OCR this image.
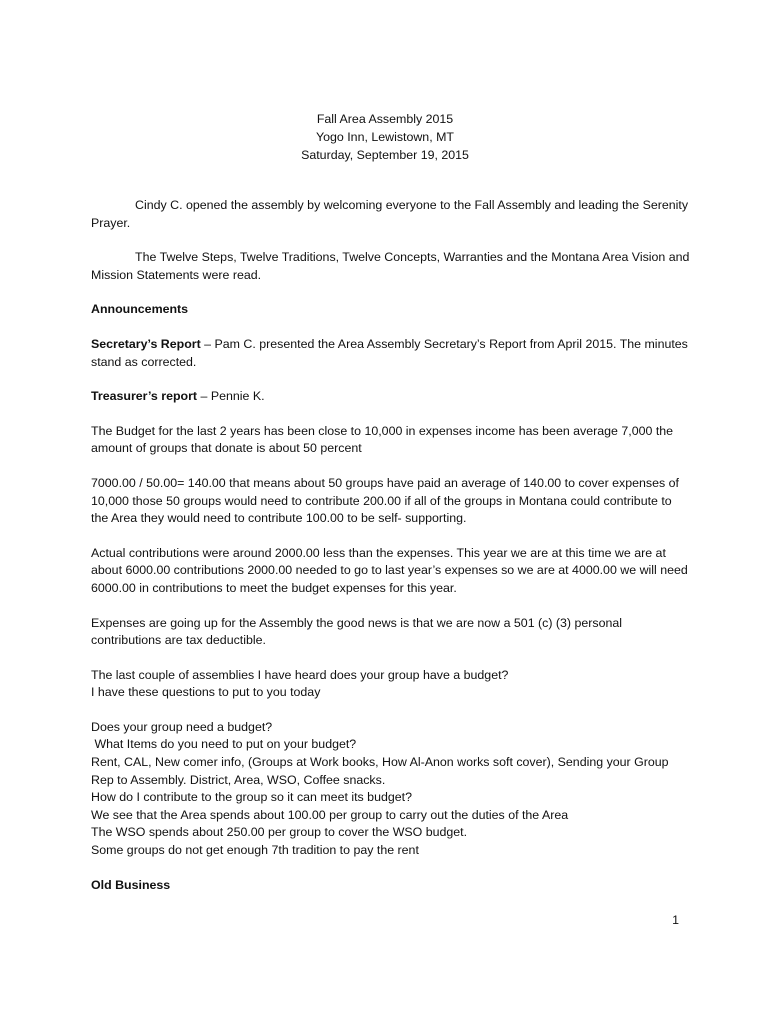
Fall Area Assembly 2015
Yogo Inn, Lewistown, MT
Saturday, September 19, 2015

Cindy C. opened the assembly by welcoming everyone to the Fall Assembly and leading the Serenity Prayer.

The Twelve Steps, Twelve Traditions, Twelve Concepts, Warranties and the Montana Area Vision and Mission Statements were read.

Announcements

Secretary’s Report – Pam C. presented the Area Assembly Secretary’s Report from April 2015. The minutes stand as corrected.

Treasurer’s report – Pennie K.

The Budget for the last 2 years has been close to 10,000 in expenses income has been average 7,000 the amount of groups that donate is about 50 percent

7000.00 / 50.00= 140.00 that means about 50 groups have paid an average of 140.00 to cover expenses of 10,000 those 50 groups would need to contribute 200.00 if all of the groups in Montana could contribute to the Area they would need to contribute 100.00 to be self- supporting.

Actual contributions were around 2000.00 less than the expenses. This year we are at this time we are at about 6000.00 contributions 2000.00 needed to go to last year’s expenses so we are at 4000.00 we will need 6000.00 in contributions to meet the budget expenses for this year.

Expenses are going up for the Assembly the good news is that we are now a 501 (c) (3) personal contributions are tax deductible.

The last couple of assemblies I have heard does your group have a budget?
I have these questions to put to you today

Does your group need a budget?
What Items do you need to put on your budget?
Rent, CAL, New comer info, (Groups at Work books, How Al-Anon works soft cover), Sending your Group Rep to Assembly. District, Area, WSO, Coffee snacks.
How do I contribute to the group so it can meet its budget?
We see that the Area spends about 100.00 per group to carry out the duties of the Area
The WSO spends about 250.00 per group to cover the WSO budget.
Some groups do not get enough 7th tradition to pay the rent

Old Business

1
